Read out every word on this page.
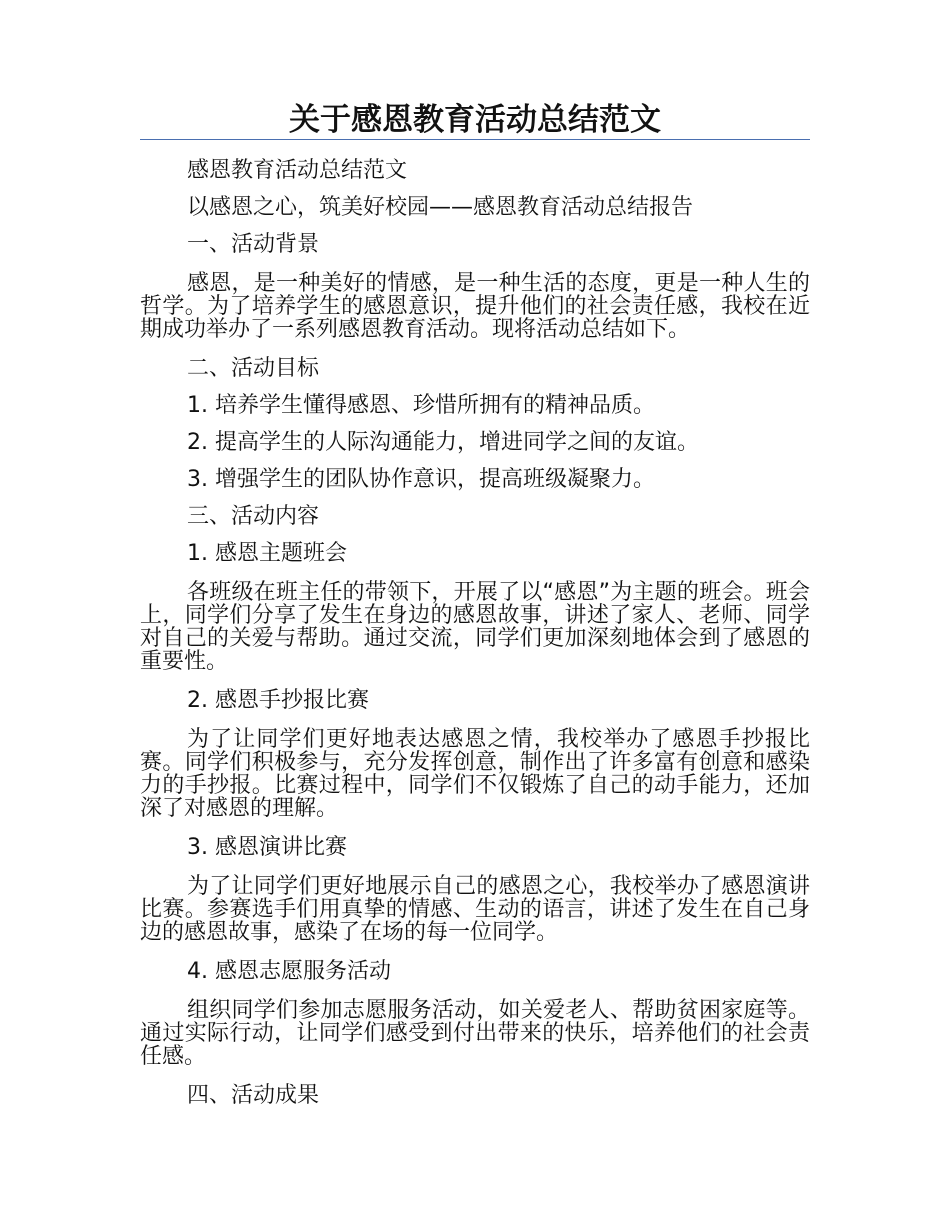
关于感恩教育活动总结范文
感恩教育活动总结范文
以感恩之心，筑美好校园——感恩教育活动总结报告
一、活动背景
感恩，是一种美好的情感，是一种生活的态度，更是一种人生的哲学。为了培养学生的感恩意识，提升他们的社会责任感，我校在近期成功举办了一系列感恩教育活动。现将活动总结如下。
二、活动目标
1. 培养学生懂得感恩、珍惜所拥有的精神品质。
2. 提高学生的人际沟通能力，增进同学之间的友谊。
3. 增强学生的团队协作意识，提高班级凝聚力。
三、活动内容
1. 感恩主题班会
各班级在班主任的带领下，开展了以“感恩”为主题的班会。班会上，同学们分享了发生在身边的感恩故事，讲述了家人、老师、同学对自己的关爱与帮助。通过交流，同学们更加深刻地体会到了感恩的重要性。
2. 感恩手抄报比赛
为了让同学们更好地表达感恩之情，我校举办了感恩手抄报比赛。同学们积极参与，充分发挥创意，制作出了许多富有创意和感染力的手抄报。比赛过程中，同学们不仅锻炼了自己的动手能力，还加深了对感恩的理解。
3. 感恩演讲比赛
为了让同学们更好地展示自己的感恩之心，我校举办了感恩演讲比赛。参赛选手们用真挚的情感、生动的语言，讲述了发生在自己身边的感恩故事，感染了在场的每一位同学。
4. 感恩志愿服务活动
组织同学们参加志愿服务活动，如关爱老人、帮助贫困家庭等。通过实际行动，让同学们感受到付出带来的快乐，培养他们的社会责任感。
四、活动成果
